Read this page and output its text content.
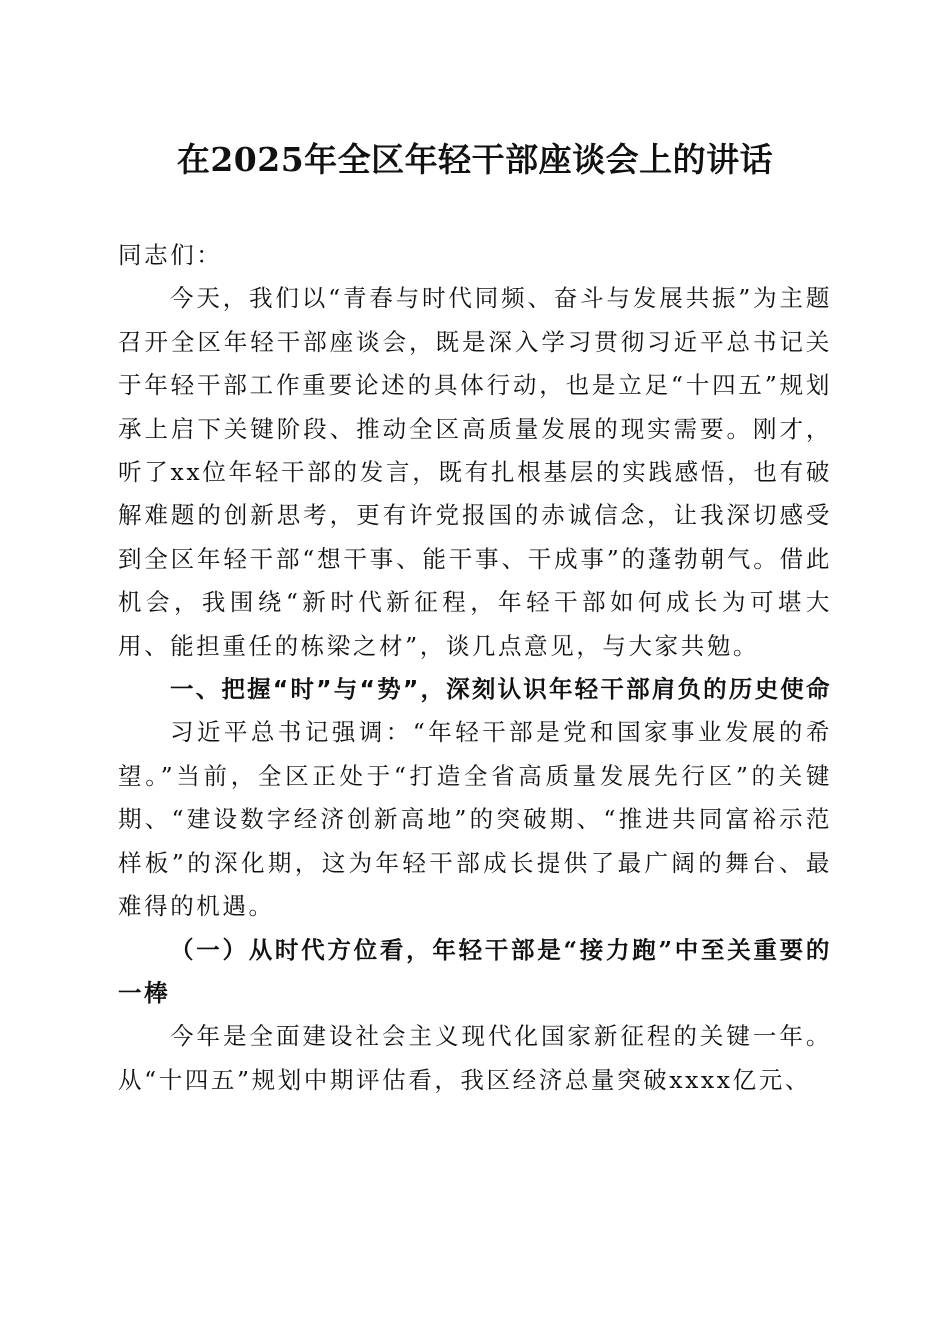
在2025年全区年轻干部座谈会上的讲话

同志们：

今天，我们以“青春与时代同频、奋斗与发展共振”为主题召开全区年轻干部座谈会，既是深入学习贯彻习近平总书记关于年轻干部工作重要论述的具体行动，也是立足“十四五”规划承上启下关键阶段、推动全区高质量发展的现实需要。刚才，听了xx位年轻干部的发言，既有扎根基层的实践感悟，也有破解难题的创新思考，更有许党报国的赤诚信念，让我深切感受到全区年轻干部“想干事、能干事、干成事”的蓬勃朝气。借此机会，我围绕“新时代新征程，年轻干部如何成长为可堪大用、能担重任的栋梁之材”，谈几点意见，与大家共勉。

一、把握“时”与“势”，深刻认识年轻干部肩负的历史使命

习近平总书记强调：“年轻干部是党和国家事业发展的希望。”当前，全区正处于“打造全省高质量发展先行区”的关键期、“建设数字经济创新高地”的突破期、“推进共同富裕示范样板”的深化期，这为年轻干部成长提供了最广阔的舞台、最难得的机遇。

（一）从时代方位看，年轻干部是“接力跑”中至关重要的一棒

今年是全面建设社会主义现代化国家新征程的关键一年。从“十四五”规划中期评估看，我区经济总量突破xxxx亿元、
